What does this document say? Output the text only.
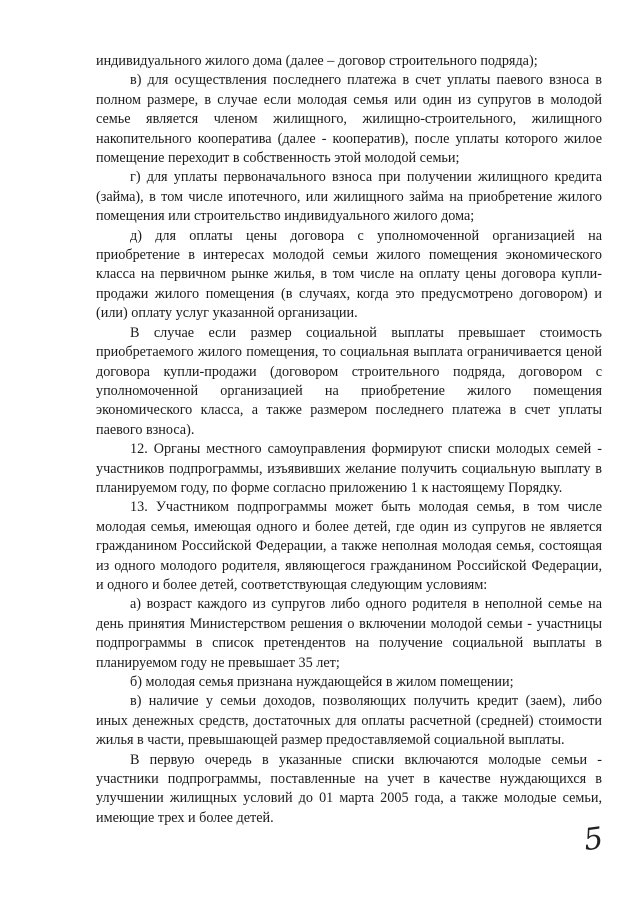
индивидуального жилого дома (далее – договор строительного подряда);

в) для осуществления последнего платежа в счет уплаты паевого взноса в полном размере, в случае если молодая семья или один из супругов в молодой семье является членом жилищного, жилищно-строительного, жилищного накопительного кооператива (далее - кооператив), после уплаты которого жилое помещение переходит в собственность этой молодой семьи;

г) для уплаты первоначального взноса при получении жилищного кредита (займа), в том числе ипотечного, или жилищного займа на приобретение жилого помещения или строительство индивидуального жилого дома;

д) для оплаты цены договора с уполномоченной организацией на приобретение в интересах молодой семьи жилого помещения экономического класса на первичном рынке жилья, в том числе на оплату цены договора купли-продажи жилого помещения (в случаях, когда это предусмотрено договором) и (или) оплату услуг указанной организации.

В случае если размер социальной выплаты превышает стоимость приобретаемого жилого помещения, то социальная выплата ограничивается ценой договора купли-продажи (договором строительного подряда, договором с уполномоченной организацией на приобретение жилого помещения экономического класса, а также размером последнего платежа в счет уплаты паевого взноса).

12. Органы местного самоуправления формируют списки молодых семей - участников подпрограммы, изъявивших желание получить социальную выплату в планируемом году, по форме согласно приложению 1 к настоящему Порядку.

13. Участником подпрограммы может быть молодая семья, в том числе молодая семья, имеющая одного и более детей, где один из супругов не является гражданином Российской Федерации, а также неполная молодая семья, состоящая из одного молодого родителя, являющегося гражданином Российской Федерации, и одного и более детей, соответствующая следующим условиям:

а) возраст каждого из супругов либо одного родителя в неполной семье на день принятия Министерством решения о включении молодой семьи - участницы подпрограммы в список претендентов на получение социальной выплаты в планируемом году не превышает 35 лет;

б) молодая семья признана нуждающейся в жилом помещении;

в) наличие у семьи доходов, позволяющих получить кредит (заем), либо иных денежных средств, достаточных для оплаты расчетной (средней) стоимости жилья в части, превышающей размер предоставляемой социальной выплаты.

В первую очередь в указанные списки включаются молодые семьи - участники подпрограммы, поставленные на учет в качестве нуждающихся в улучшении жилищных условий до 01 марта 2005 года, а также молодые семьи, имеющие трех и более детей.

5
